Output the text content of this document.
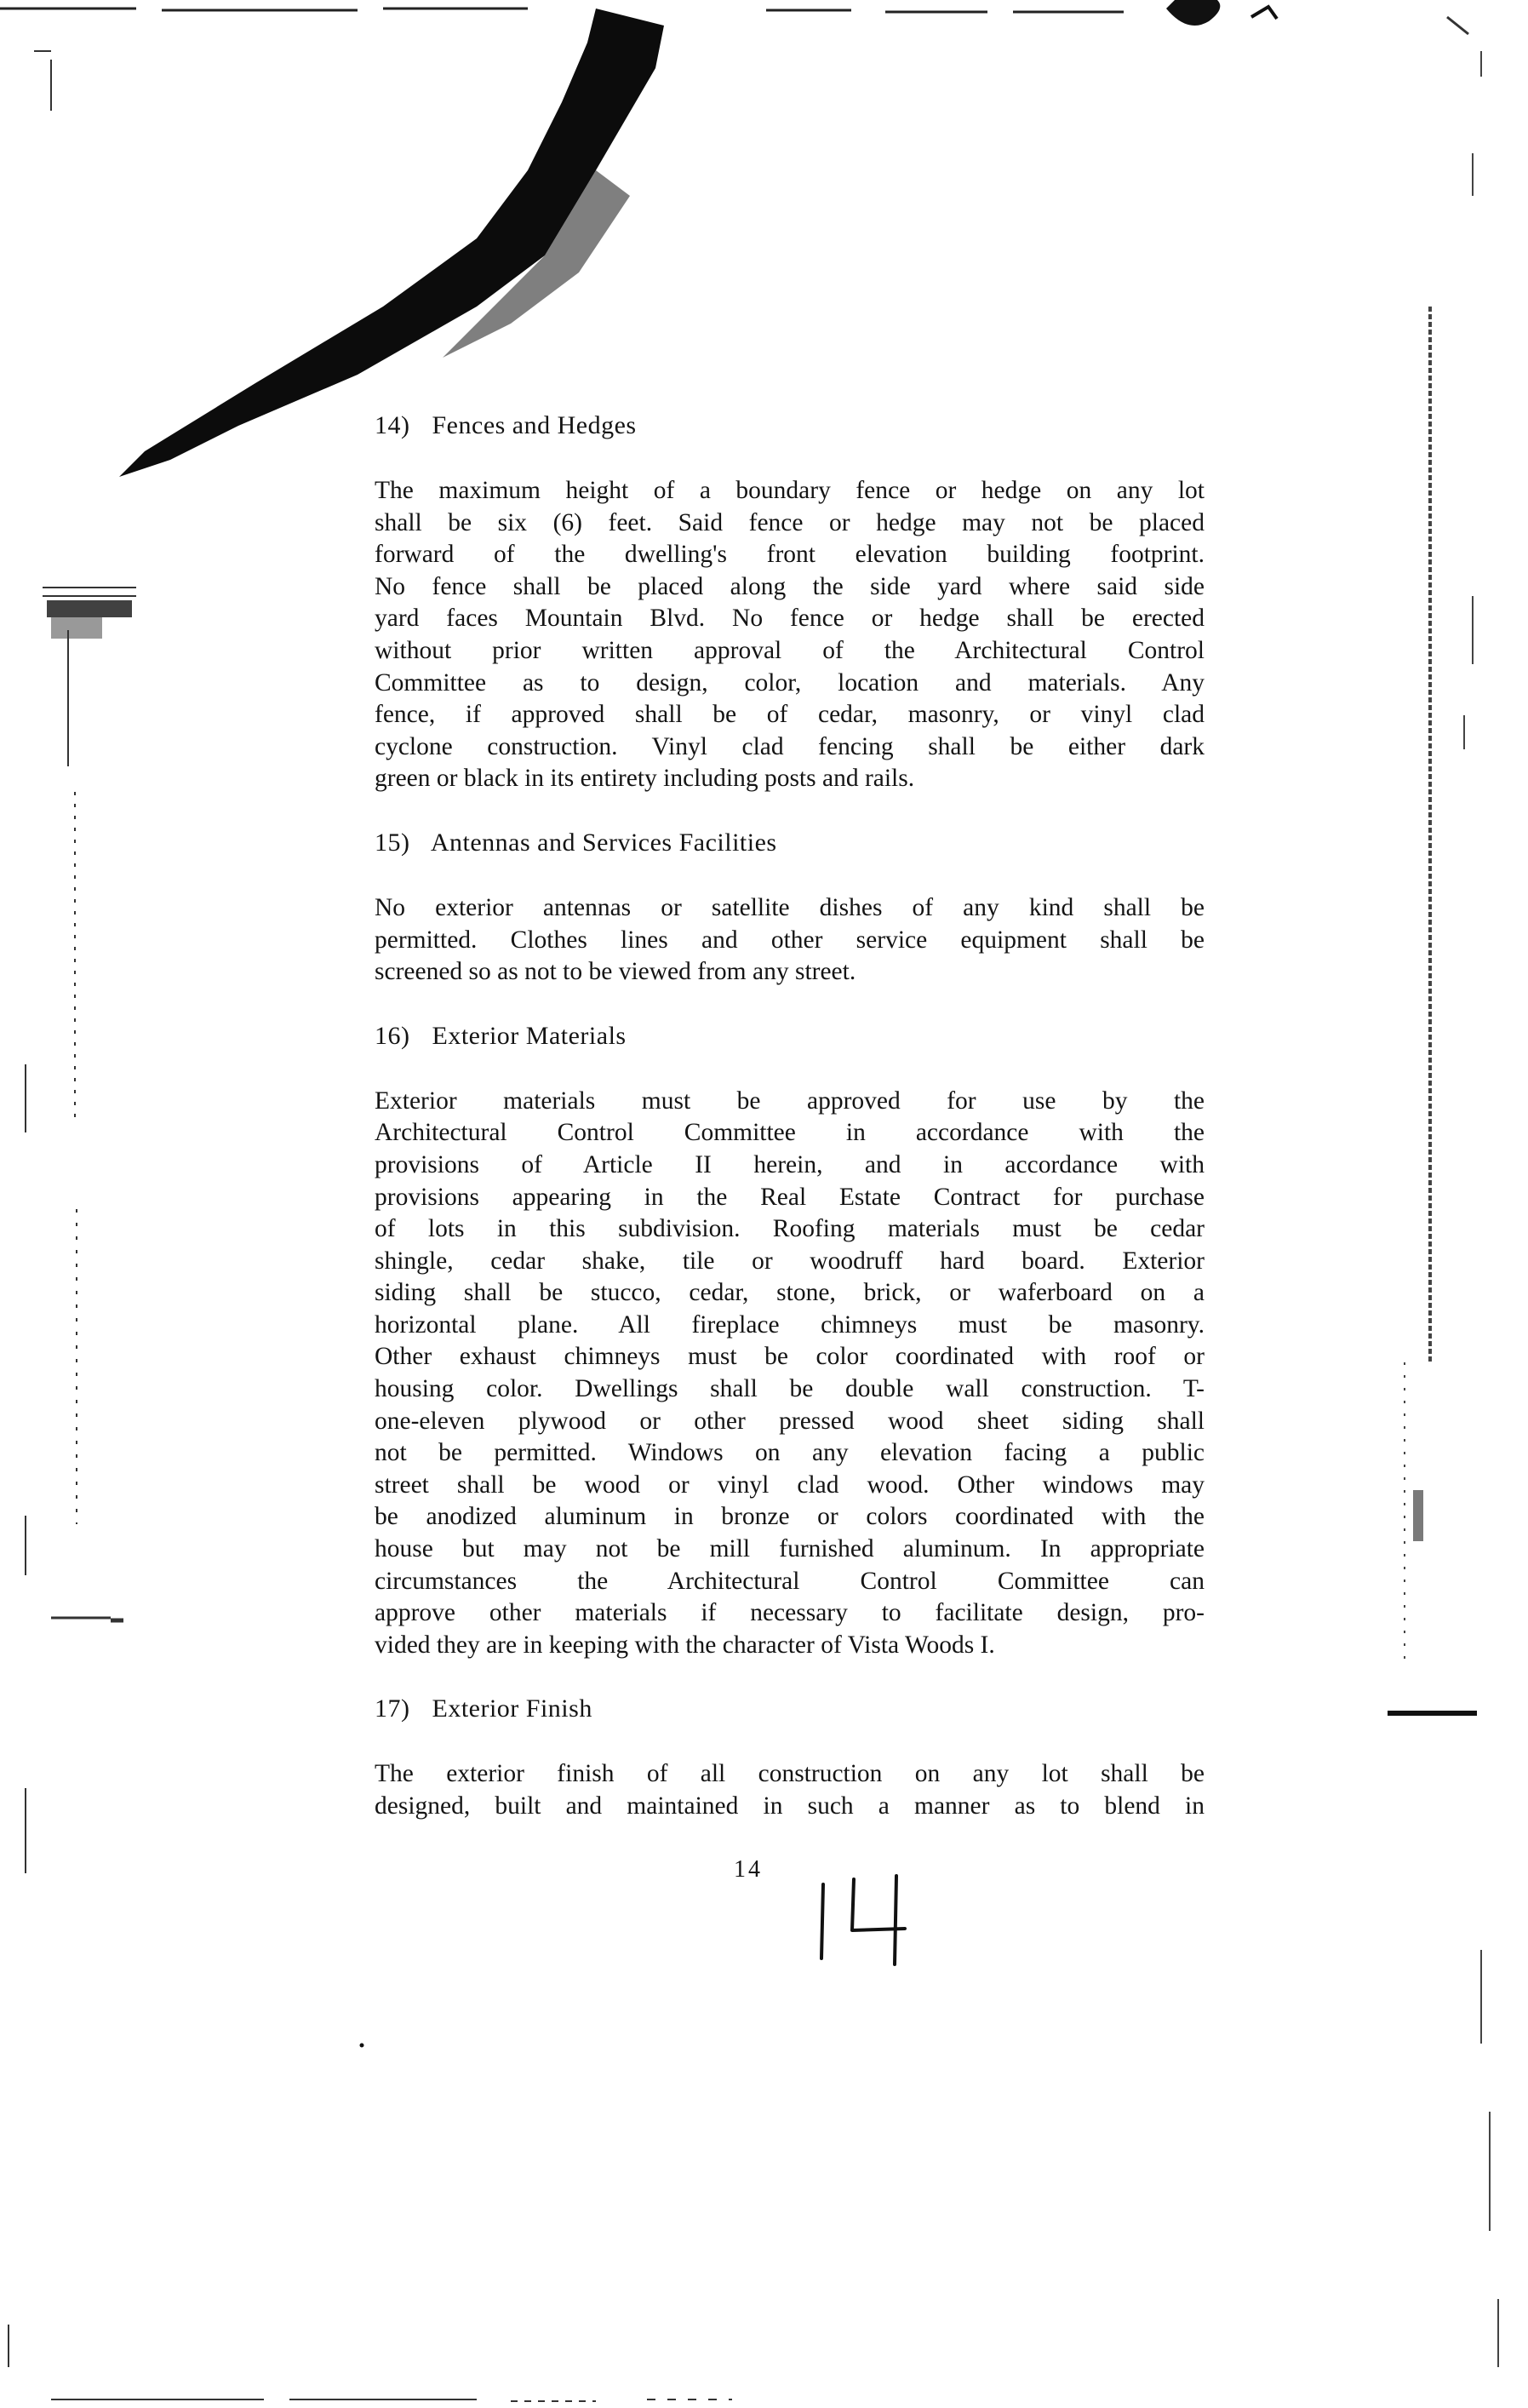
14) Fences and Hedges
The maximum height of a boundary fence or hedge on any lot
shall be six (6) feet. Said fence or hedge may not be placed
forward of the dwelling's front elevation building footprint.
No fence shall be placed along the side yard where said side
yard faces Mountain Blvd. No fence or hedge shall be erected
without prior written approval of the Architectural Control
Committee as to design, color, location and materials. Any
fence, if approved shall be of cedar, masonry, or vinyl clad
cyclone construction. Vinyl clad fencing shall be either dark
green or black in its entirety including posts and rails.
15) Antennas and Services Facilities
No exterior antennas or satellite dishes of any kind shall be
permitted. Clothes lines and other service equipment shall be
screened so as not to be viewed from any street.
16) Exterior Materials
Exterior materials must be approved for use by the
Architectural Control Committee in accordance with the
provisions of Article II herein, and in accordance with
provisions appearing in the Real Estate Contract for purchase
of lots in this subdivision. Roofing materials must be cedar
shingle, cedar shake, tile or woodruff hard board. Exterior
siding shall be stucco, cedar, stone, brick, or waferboard on a
horizontal plane. All fireplace chimneys must be masonry.
Other exhaust chimneys must be color coordinated with roof or
housing color. Dwellings shall be double wall construction. T-
one-eleven plywood or other pressed wood sheet siding shall
not be permitted. Windows on any elevation facing a public
street shall be wood or vinyl clad wood. Other windows may
be anodized aluminum in bronze or colors coordinated with the
house but may not be mill furnished aluminum. In appropriate
circumstances the Architectural Control Committee can
approve other materials if necessary to facilitate design, pro-
vided they are in keeping with the character of Vista Woods I.
17) Exterior Finish
The exterior finish of all construction on any lot shall be
designed, built and maintained in such a manner as to blend in
14
